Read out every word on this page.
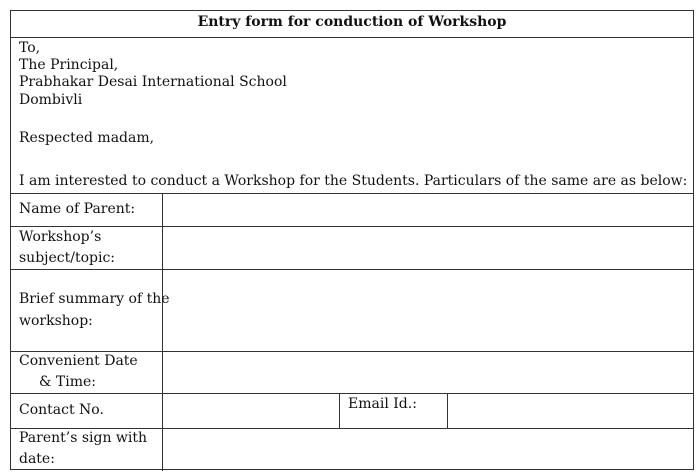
Entry form for conduction of Workshop
To,
The Principal,
Prabhakar Desai International School
Dombivli
Respected madam,
I am interested to conduct a Workshop for the Students. Particulars of the same are as below:
Name of Parent:
Workshop’s
subject/topic:
Brief summary of the
workshop:
Convenient Date
& Time:
Contact No.	Email Id.:
Parent’s sign with
date:
